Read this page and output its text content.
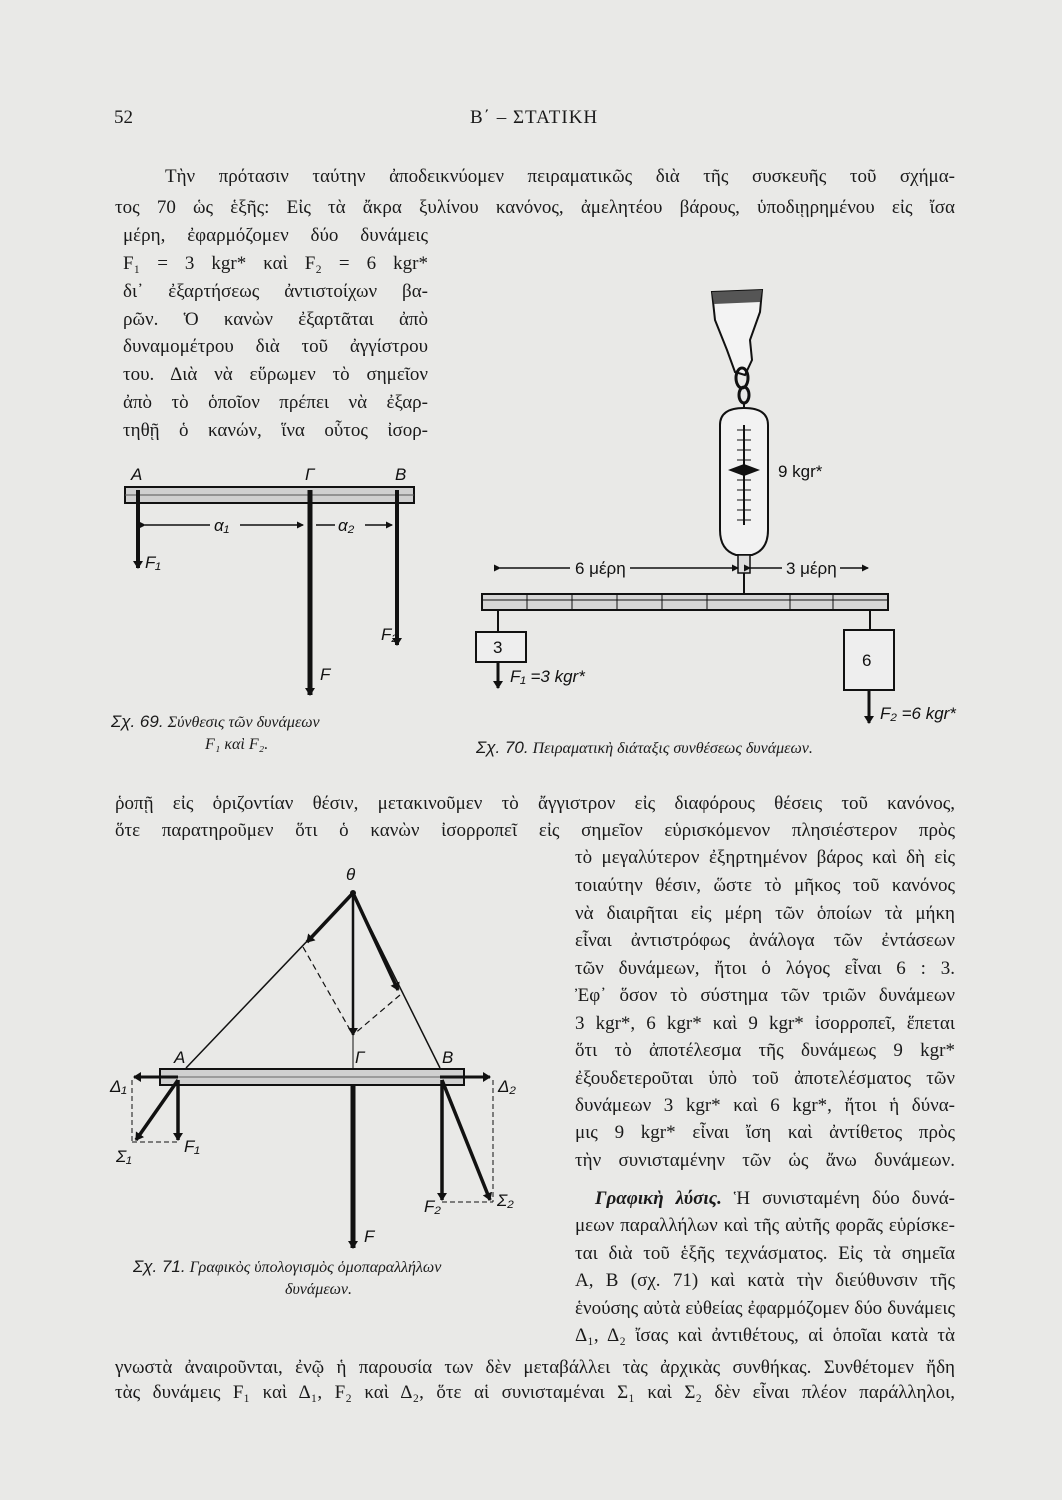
52	Β΄ – ΣΤΑΤΙΚΗ
Τὴν πρότασιν ταύτην ἀποδεικνύομεν πειραματικῶς διὰ τῆς συσκευῆς τοῦ σχήμα-
τος 70 ὡς ἑξῆς: Εἰς τὰ ἄκρα ξυλίνου κανόνος, ἀμελητέου βάρους, ὑποδιῃρημένου εἰς ἴσα
μέρη, ἐφαρμόζομεν δύο δυνάμεις
F₁ = 3 kgr* καὶ F₂ = 6 kgr*
δι᾽ ἐξαρτήσεως ἀντιστοίχων βα-
ρῶν. Ὁ κανὼν ἐξαρτᾶται ἀπὸ
δυναμομέτρου διὰ τοῦ ἀγγίστρου
του. Διὰ νὰ εὕρωμεν τὸ σημεῖον
ἀπὸ τὸ ὁποῖον πρέπει νὰ ἐξαρ-
τηθῇ ὁ κανών, ἵνα οὗτος ἰσορ-
ῥοπῇ εἰς ὁριζοντίαν θέσιν, μετακινοῦμεν τὸ ἄγγιστρον εἰς διαφόρους θέσεις τοῦ κανόνος,
ὅτε παρατηροῦμεν ὅτι ὁ κανὼν ἰσορροπεῖ εἰς σημεῖον εὑρισκόμενον πλησιέστερον πρὸς
τὸ μεγαλύτερον ἐξηρτημένον βάρος καὶ δὴ εἰς
τοιαύτην θέσιν, ὥστε τὸ μῆκος τοῦ κανόνος
νὰ διαιρῆται εἰς μέρη τῶν ὁποίων τὰ μήκη
εἶναι ἀντιστρόφως ἀνάλογα τῶν ἐντάσεων
τῶν δυνάμεων, ἤτοι ὁ λόγος εἶναι 6 : 3.
Ἐφ᾽ ὅσον τὸ σύστημα τῶν τριῶν δυνάμεων
3 kgr*, 6 kgr* καὶ 9 kgr* ἰσορροπεῖ, ἕπεται
ὅτι τὸ ἀποτέλεσμα τῆς δυνάμεως 9 kgr*
ἐξουδετεροῦται ὑπὸ τοῦ ἀποτελέσματος τῶν
δυνάμεων 3 kgr* καὶ 6 kgr*, ἤτοι ἡ δύνα-
μις 9 kgr* εἶναι ἴση καὶ ἀντίθετος πρὸς
τὴν συνισταμένην τῶν ὡς ἄνω δυνάμεων.
Γραφικὴ λύσις. Ἡ συνισταμένη δύο δυνά-
μεων παραλλήλων καὶ τῆς αὐτῆς φορᾶς εὑρίσκε-
ται διὰ τοῦ ἑξῆς τεχνάσματος. Εἰς τὰ σημεῖα
Α, Β (σχ. 71) καὶ κατὰ τὴν διεύθυνσιν τῆς
ἑνούσης αὐτὰ εὐθείας ἐφαρμόζομεν δύο δυνάμεις
Δ₁, Δ₂ ἴσας καὶ ἀντιθέτους, αἱ ὁποῖαι κατὰ τὰ
γνωστὰ ἀναιροῦνται, ἐνῷ ἡ παρουσία των δὲν μεταβάλλει τὰς ἀρχικὰς συνθήκας. Συνθέτομεν ἤδη
τὰς δυνάμεις F₁ καὶ Δ₁, F₂ καὶ Δ₂, ὅτε αἱ συνισταμέναι Σ₁ καὶ Σ₂ δὲν εἶναι πλέον παράλληλοι,
A	Γ	B
α₁	α₂
F₁
F₂
F
9 kgr*
6 μέρη	3 μέρη
3
F₁ =3 kgr*
6
F₂ =6 kgr*
θ
A	Γ	B
Δ₁	Δ₂
Σ₁
F₁
F
F₂	Σ₂
Σχ. 69. Σύνθεσις τῶν δυνάμεων
F₁ καὶ F₂.	Σχ. 70. Πειραματικὴ διάταξις συνθέσεως δυνάμεων.
Σχ. 71. Γραφικὸς ὑπολογισμὸς ὁμοπαραλλήλων
δυνάμεων.
